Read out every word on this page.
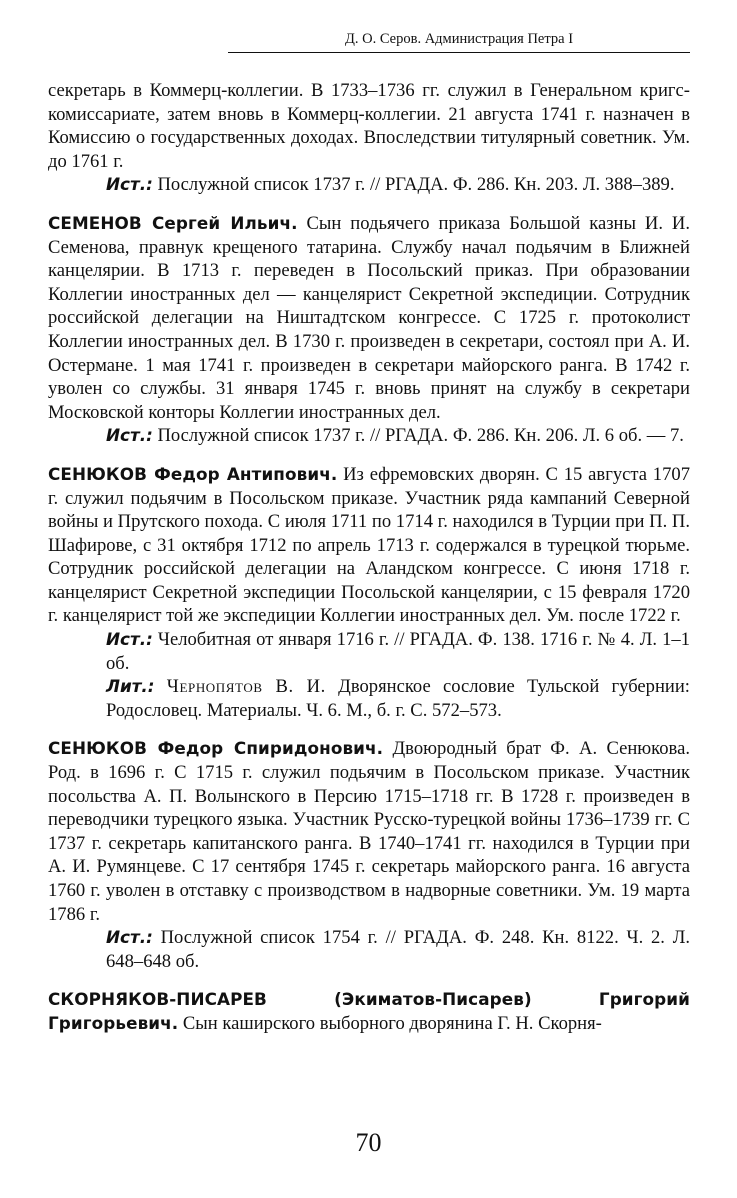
Д. О. Серов. Администрация Петра I

секретарь в Коммерц-коллегии. В 1733–1736 гг. служил в Генеральном кригс-комиссариате, затем вновь в Коммерц-коллегии. 21 августа 1741 г. назначен в Комиссию о государственных доходах. Впоследствии титулярный советник. Ум. до 1761 г.

Ист.: Послужной список 1737 г. // РГАДА. Ф. 286. Кн. 203. Л. 388–389.

СЕМЕНОВ Сергей Ильич. Сын подьячего приказа Большой казны И. И. Семенова, правнук крещеного татарина. Службу начал подьячим в Ближней канцелярии. В 1713 г. переведен в Посольский приказ. При образовании Коллегии иностранных дел — канцелярист Секретной экспедиции. Сотрудник российской делегации на Ништадтском конгрессе. С 1725 г. протоколист Коллегии иностранных дел. В 1730 г. произведен в секретари, состоял при А. И. Остермане. 1 мая 1741 г. произведен в секретари майорского ранга. В 1742 г. уволен со службы. 31 января 1745 г. вновь принят на службу в секретари Московской конторы Коллегии иностранных дел.

Ист.: Послужной список 1737 г. // РГАДА. Ф. 286. Кн. 206. Л. 6 об. — 7.

СЕНЮКОВ Федор Антипович. Из ефремовских дворян. С 15 августа 1707 г. служил подьячим в Посольском приказе. Участник ряда кампаний Северной войны и Прутского похода. С июля 1711 по 1714 г. находился в Турции при П. П. Шафирове, с 31 октября 1712 по апрель 1713 г. содержался в турецкой тюрьме. Сотрудник российской делегации на Аландском конгрессе. С июня 1718 г. канцелярист Секретной экспедиции Посольской канцелярии, с 15 февраля 1720 г. канцелярист той же экспедиции Коллегии иностранных дел. Ум. после 1722 г.

Ист.: Челобитная от января 1716 г. // РГАДА. Ф. 138. 1716 г. № 4. Л. 1–1 об.

Лит.: Чернопятов В. И. Дворянское сословие Тульской губернии: Родословец. Материалы. Ч. 6. М., б. г. С. 572–573.

СЕНЮКОВ Федор Спиридонович. Двоюродный брат Ф. А. Сенюкова. Род. в 1696 г. С 1715 г. служил подьячим в Посольском приказе. Участник посольства А. П. Волынского в Персию 1715–1718 гг. В 1728 г. произведен в переводчики турецкого языка. Участник Русско-турецкой войны 1736–1739 гг. С 1737 г. секретарь капитанского ранга. В 1740–1741 гг. находился в Турции при А. И. Румянцеве. С 17 сентября 1745 г. секретарь майорского ранга. 16 августа 1760 г. уволен в отставку с производством в надворные советники. Ум. 19 марта 1786 г.

Ист.: Послужной список 1754 г. // РГАДА. Ф. 248. Кн. 8122. Ч. 2. Л. 648–648 об.

СКОРНЯКОВ-ПИСАРЕВ (Экиматов-Писарев) Григорий Григорьевич. Сын каширского выборного дворянина Г. Н. Скорня-

70
